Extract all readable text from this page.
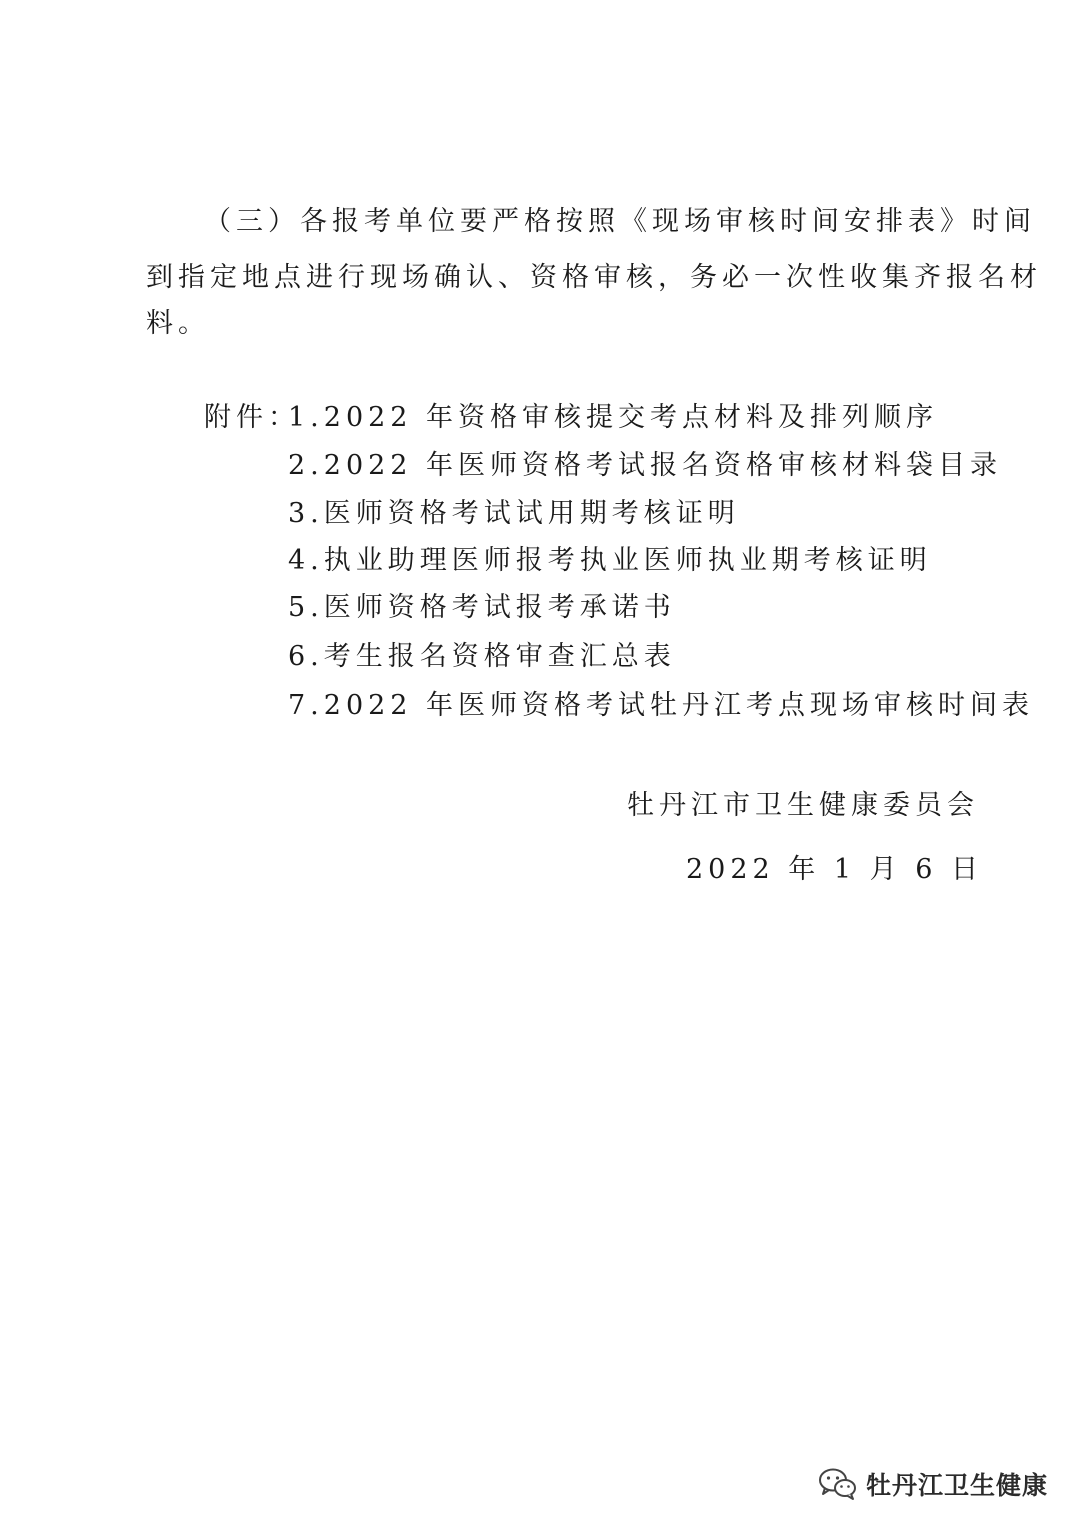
（三）各报考单位要严格按照《现场审核时间安排表》时间
到指定地点进行现场确认、资格审核，务必一次性收集齐报名材
料。
附件：
1.2022 年资格审核提交考点材料及排列顺序
2.2022 年医师资格考试报名资格审核材料袋目录
3.医师资格考试试用期考核证明
4.执业助理医师报考执业医师执业期考核证明
5.医师资格考试报考承诺书
6.考生报名资格审查汇总表
7.2022 年医师资格考试牡丹江考点现场审核时间表
牡丹江市卫生健康委员会
2022 年 1 月 6 日
牡丹江卫生健康
